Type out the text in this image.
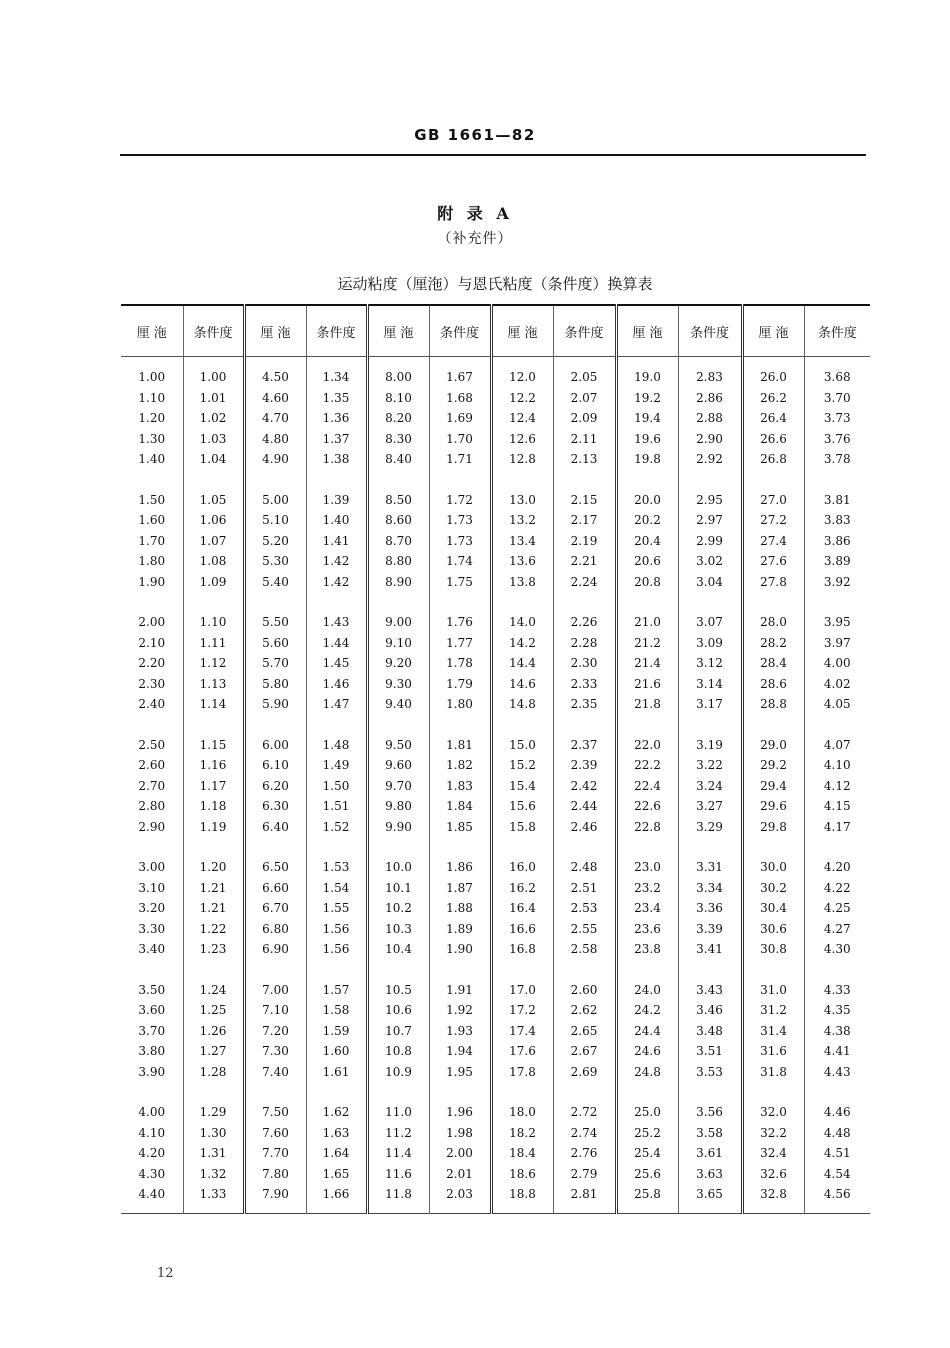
GB 1661—82
附 录 A
（补充件）
运动粘度（厘沲）与恩氏粘度（条件度）换算表
厘 沲	条件度	厘 沲	条件度	厘 沲	条件度	厘 沲	条件度	厘 沲	条件度	厘 沲	条件度

1.00	1.00	4.50	1.34	8.00	1.67	12.0	2.05	19.0	2.83	26.0	3.68
1.10	1.01	4.60	1.35	8.10	1.68	12.2	2.07	19.2	2.86	26.2	3.70
1.20	1.02	4.70	1.36	8.20	1.69	12.4	2.09	19.4	2.88	26.4	3.73
1.30	1.03	4.80	1.37	8.30	1.70	12.6	2.11	19.6	2.90	26.6	3.76
1.40	1.04	4.90	1.38	8.40	1.71	12.8	2.13	19.8	2.92	26.8	3.78

1.50	1.05	5.00	1.39	8.50	1.72	13.0	2.15	20.0	2.95	27.0	3.81
1.60	1.06	5.10	1.40	8.60	1.73	13.2	2.17	20.2	2.97	27.2	3.83
1.70	1.07	5.20	1.41	8.70	1.73	13.4	2.19	20.4	2.99	27.4	3.86
1.80	1.08	5.30	1.42	8.80	1.74	13.6	2.21	20.6	3.02	27.6	3.89
1.90	1.09	5.40	1.42	8.90	1.75	13.8	2.24	20.8	3.04	27.8	3.92

2.00	1.10	5.50	1.43	9.00	1.76	14.0	2.26	21.0	3.07	28.0	3.95
2.10	1.11	5.60	1.44	9.10	1.77	14.2	2.28	21.2	3.09	28.2	3.97
2.20	1.12	5.70	1.45	9.20	1.78	14.4	2.30	21.4	3.12	28.4	4.00
2.30	1.13	5.80	1.46	9.30	1.79	14.6	2.33	21.6	3.14	28.6	4.02
2.40	1.14	5.90	1.47	9.40	1.80	14.8	2.35	21.8	3.17	28.8	4.05

2.50	1.15	6.00	1.48	9.50	1.81	15.0	2.37	22.0	3.19	29.0	4.07
2.60	1.16	6.10	1.49	9.60	1.82	15.2	2.39	22.2	3.22	29.2	4.10
2.70	1.17	6.20	1.50	9.70	1.83	15.4	2.42	22.4	3.24	29.4	4.12
2.80	1.18	6.30	1.51	9.80	1.84	15.6	2.44	22.6	3.27	29.6	4.15
2.90	1.19	6.40	1.52	9.90	1.85	15.8	2.46	22.8	3.29	29.8	4.17

3.00	1.20	6.50	1.53	10.0	1.86	16.0	2.48	23.0	3.31	30.0	4.20
3.10	1.21	6.60	1.54	10.1	1.87	16.2	2.51	23.2	3.34	30.2	4.22
3.20	1.21	6.70	1.55	10.2	1.88	16.4	2.53	23.4	3.36	30.4	4.25
3.30	1.22	6.80	1.56	10.3	1.89	16.6	2.55	23.6	3.39	30.6	4.27
3.40	1.23	6.90	1.56	10.4	1.90	16.8	2.58	23.8	3.41	30.8	4.30

3.50	1.24	7.00	1.57	10.5	1.91	17.0	2.60	24.0	3.43	31.0	4.33
3.60	1.25	7.10	1.58	10.6	1.92	17.2	2.62	24.2	3.46	31.2	4.35
3.70	1.26	7.20	1.59	10.7	1.93	17.4	2.65	24.4	3.48	31.4	4.38
3.80	1.27	7.30	1.60	10.8	1.94	17.6	2.67	24.6	3.51	31.6	4.41
3.90	1.28	7.40	1.61	10.9	1.95	17.8	2.69	24.8	3.53	31.8	4.43

4.00	1.29	7.50	1.62	11.0	1.96	18.0	2.72	25.0	3.56	32.0	4.46
4.10	1.30	7.60	1.63	11.2	1.98	18.2	2.74	25.2	3.58	32.2	4.48
4.20	1.31	7.70	1.64	11.4	2.00	18.4	2.76	25.4	3.61	32.4	4.51
4.30	1.32	7.80	1.65	11.6	2.01	18.6	2.79	25.6	3.63	32.6	4.54
4.40	1.33	7.90	1.66	11.8	2.03	18.8	2.81	25.8	3.65	32.8	4.56

12
